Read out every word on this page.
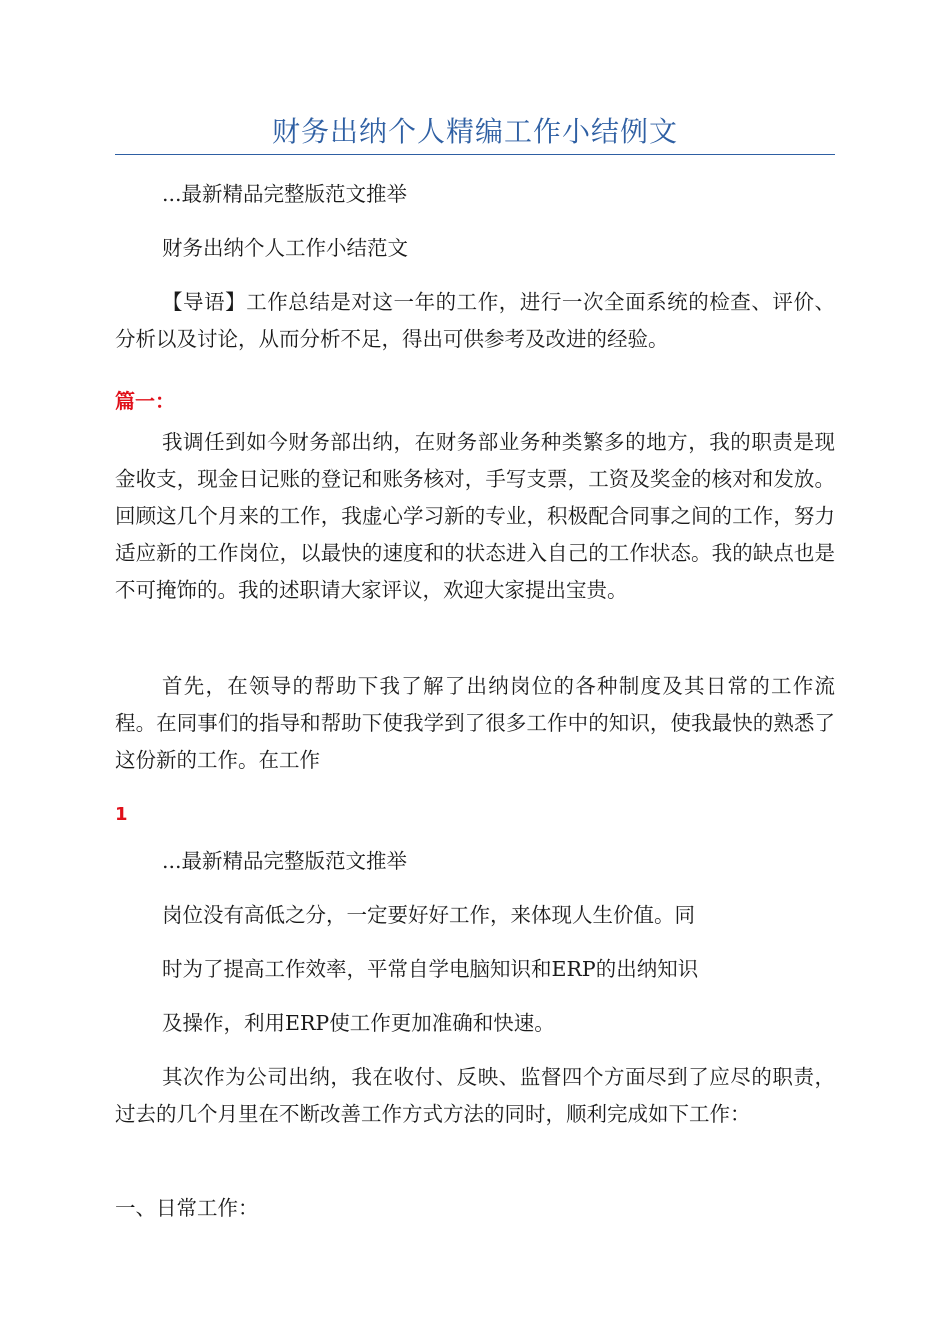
财务出纳个人精编工作小结例文
...最新精品完整版范文推举
财务出纳个人工作小结范文
【导语】工作总结是对这一年的工作，进行一次全面系统的检查、评价、分析以及讨论，从而分析不足，得出可供参考及改进的经验。
篇一：
我调任到如今财务部出纳，在财务部业务种类繁多的地方，我的职责是现金收支，现金日记账的登记和账务核对，手写支票，工资及奖金的核对和发放。回顾这几个月来的工作，我虚心学习新的专业，积极配合同事之间的工作，努力适应新的工作岗位，以最快的速度和的状态进入自己的工作状态。我的缺点也是不可掩饰的。我的述职请大家评议，欢迎大家提出宝贵。
首先，在领导的帮助下我了解了出纳岗位的各种制度及其日常的工作流程。在同事们的指导和帮助下使我学到了很多工作中的知识，使我最快的熟悉了这份新的工作。在工作
1
...最新精品完整版范文推举
岗位没有高低之分，一定要好好工作，来体现人生价值。同
时为了提高工作效率，平常自学电脑知识和ERP的出纳知识
及操作，利用ERP使工作更加准确和快速。
其次作为公司出纳，我在收付、反映、监督四个方面尽到了应尽的职责，过去的几个月里在不断改善工作方式方法的同时，顺利完成如下工作：
一、日常工作：
